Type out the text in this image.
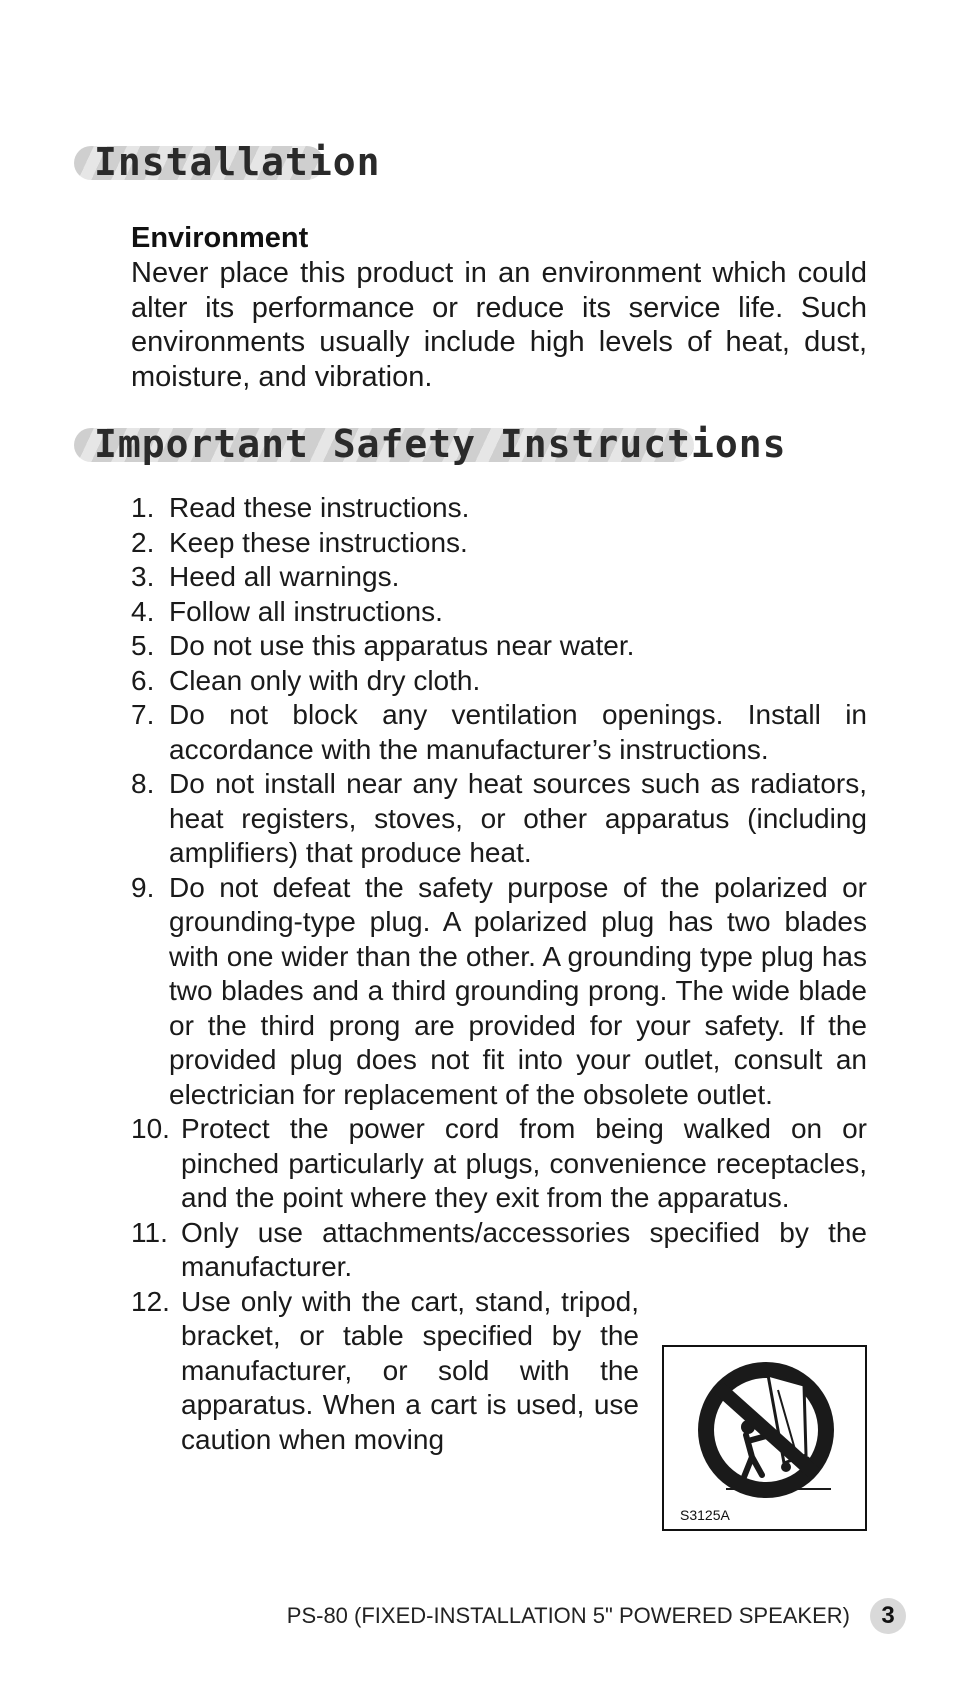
Installation
Environment

Never place this product in an environment which could alter its performance or reduce its service life. Such environments usually include high levels of heat, dust, moisture, and vibration.

Important Safety Instructions
1. Read these instructions.
2. Keep these instructions.
3. Heed all warnings.
4. Follow all instructions.
5. Do not use this apparatus near water.
6. Clean only with dry cloth.
7. Do not block any ventilation openings. Install in accordance with the manufacturer’s instructions.
8. Do not install near any heat sources such as radiators, heat registers, stoves, or other apparatus (including amplifiers) that produce heat.
9. Do not defeat the safety purpose of the polarized or grounding-type plug. A polarized plug has two blades with one wider than the other. A grounding type plug has two blades and a third grounding prong. The wide blade or the third prong are provided for your safety. If the provided plug does not fit into your outlet, consult an electrician for replacement of the obsolete outlet.
10. Protect the power cord from being walked on or pinched particularly at plugs, convenience receptacles, and the point where they exit from the apparatus.
11. Only use attachments/accessories specified by the manufacturer.
12. Use only with the cart, stand, tripod, bracket, or table specified by the manufacturer, or sold with the apparatus. When a cart is used, use caution when moving
S3125A
PS-80 (FIXED-INSTALLATION 5" POWERED SPEAKER)	3
